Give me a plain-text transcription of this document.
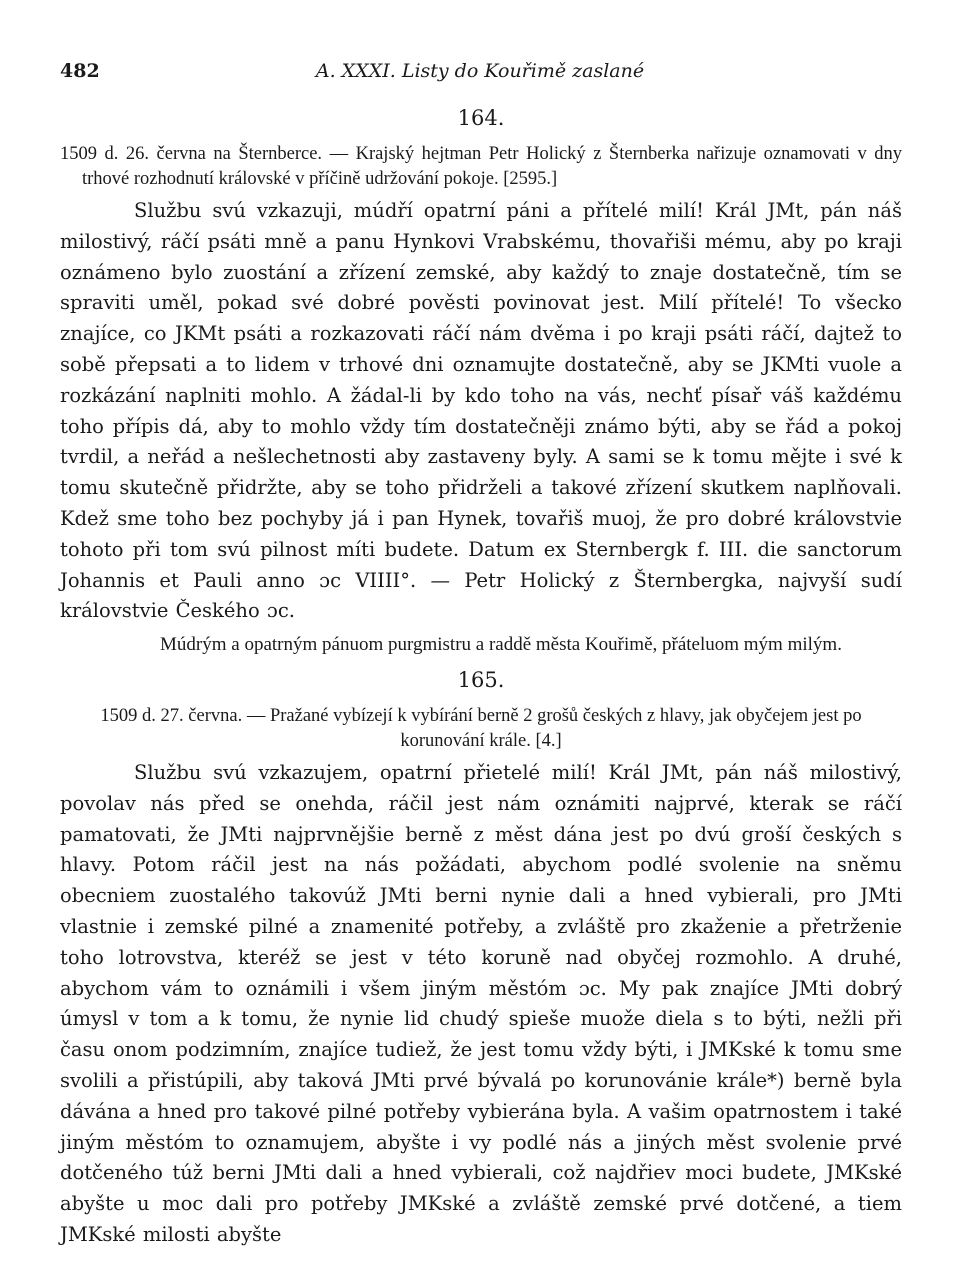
482	A. XXXI. Listy do Kouřimě zaslané
164.
1509 d. 26. června na Šternberce. — Krajský hejtman Petr Holický z Šternberka nařizuje oznamovati v dny trhové rozhodnutí královské v příčině udržování pokoje. [2595.]

Službu svú vzkazuji, múdří opatrní páni a přítelé milí! Král JMt, pán náš milostivý, ráčí psáti mně a panu Hynkovi Vrabskému, thovařiši mému, aby po kraji oznámeno bylo zuostání a zřízení zemské, aby každý to znaje dostatečně, tím se spraviti uměl, pokad své dobré pověsti povinovat jest. Milí přítelé! To všecko znajíce, co JKMt psáti a rozkazovati ráčí nám dvěma i po kraji psáti ráčí, dajtež to sobě přepsati a to lidem v trhové dni oznamujte dostatečně, aby se JKMti vuole a rozkázání naplniti mohlo. A žádal-li by kdo toho na vás, nechť písař váš každému toho přípis dá, aby to mohlo vždy tím dostatečněji známo býti, aby se řád a pokoj tvrdil, a neřád a nešlechetnosti aby zastaveny byly. A sami se k tomu mějte i své k tomu skutečně přidržte, aby se toho přidrželi a takové zřízení skutkem naplňovali. Kdež sme toho bez pochyby já i pan Hynek, tovařiš muoj, že pro dobré královstvie tohoto při tom svú pilnost míti budete. Datum ex Sternbergk f. III. die sanctorum Johannis et Pauli anno ɔc VIIII°. — Petr Holický z Šternbergka, najvyší sudí královstvie Českého ɔc.

Múdrým a opatrným pánuom purgmistru a raddě města Kouřimě, přáteluom mým milým.
165.
1509 d. 27. června. — Pražané vybízejí k vybírání berně 2 grošů českých z hlavy, jak obyčejem jest po korunování krále. [4.]

Službu svú vzkazujem, opatrní přietelé milí! Král JMt, pán náš milostivý, povolav nás před se onehda, ráčil jest nám oznámiti najprvé, kterak se ráčí pamatovati, že JMti najprvnějšie berně z měst dána jest po dvú groší českých s hlavy. Potom ráčil jest na nás požádati, abychom podlé svolenie na sněmu obecniem zuostalého takovúž JMti berni nynie dali a hned vybierali, pro JMti vlastnie i zemské pilné a znamenité potřeby, a zvláště pro zkaženie a přetrženie toho lotrovstva, kteréž se jest v této koruně nad obyčej rozmohlo. A druhé, abychom vám to oznámili i všem jiným městóm ɔc. My pak znajíce JMti dobrý úmysl v tom a k tomu, že nynie lid chudý spieše muože diela s to býti, nežli při času onom podzimním, znajíce tudiež, že jest tomu vždy býti, i JMKské k tomu sme svolili a přistúpili, aby taková JMti prvé bývalá po korunovánie krále*) berně byla dávána a hned pro takové pilné potřeby vybierána byla. A vašim opatrnostem i také jiným městóm to oznamujem, abyšte i vy podlé nás a jiných měst svolenie prvé dotčeného túž berni JMti dali a hned vybierali, což najdřiev moci budete, JMKské abyšte u moc dali pro potřeby JMKské a zvláště zemské prvé dotčené, a tiem JMKské milosti abyšte
